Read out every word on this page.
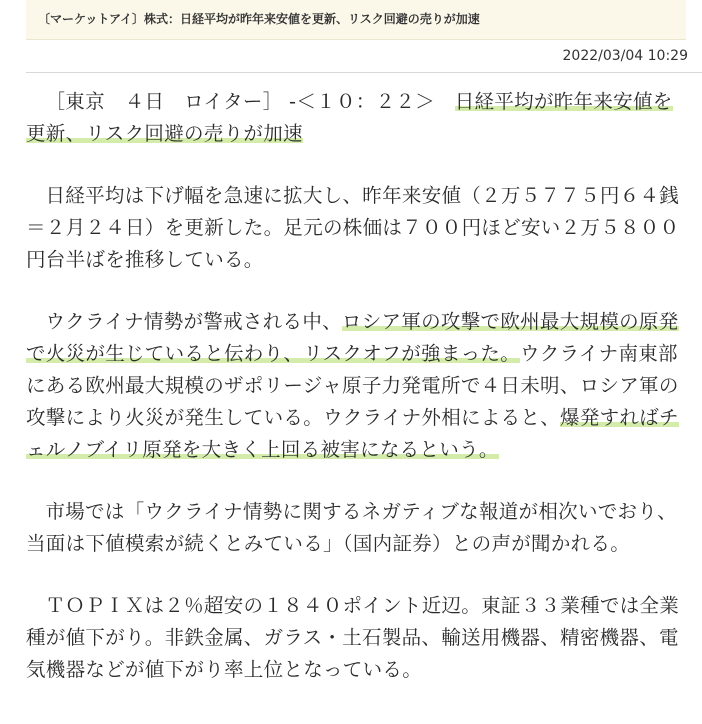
〔マーケットアイ〕株式：日経平均が昨年来安値を更新、リスク回避の売りが加速
2022/03/04 10:29

［東京　４日　ロイター］ -＜１０：２２＞　日経平均が昨年来安値を更新、リスク回避の売りが加速

日経平均は下げ幅を急速に拡大し、昨年来安値（２万５７７５円６４銭＝２月２４日）を更新した。足元の株価は７００円ほど安い２万５８００円台半ばを推移している。

ウクライナ情勢が警戒される中、ロシア軍の攻撃で欧州最大規模の原発で火災が生じていると伝わり、リスクオフが強まった。ウクライナ南東部にある欧州最大規模のザポリージャ原子力発電所で４日未明、ロシア軍の攻撃により火災が発生している。ウクライナ外相によると、爆発すればチェルノブイリ原発を大きく上回る被害になるという。

市場では「ウクライナ情勢に関するネガティブな報道が相次いでおり、当面は下値模索が続くとみている」（国内証券）との声が聞かれる。

ＴＯＰＩＸは２％超安の１８４０ポイント近辺。東証３３業種では全業種が値下がり。非鉄金属、ガラス・土石製品、輸送用機器、精密機器、電気機器などが値下がり率上位となっている。
